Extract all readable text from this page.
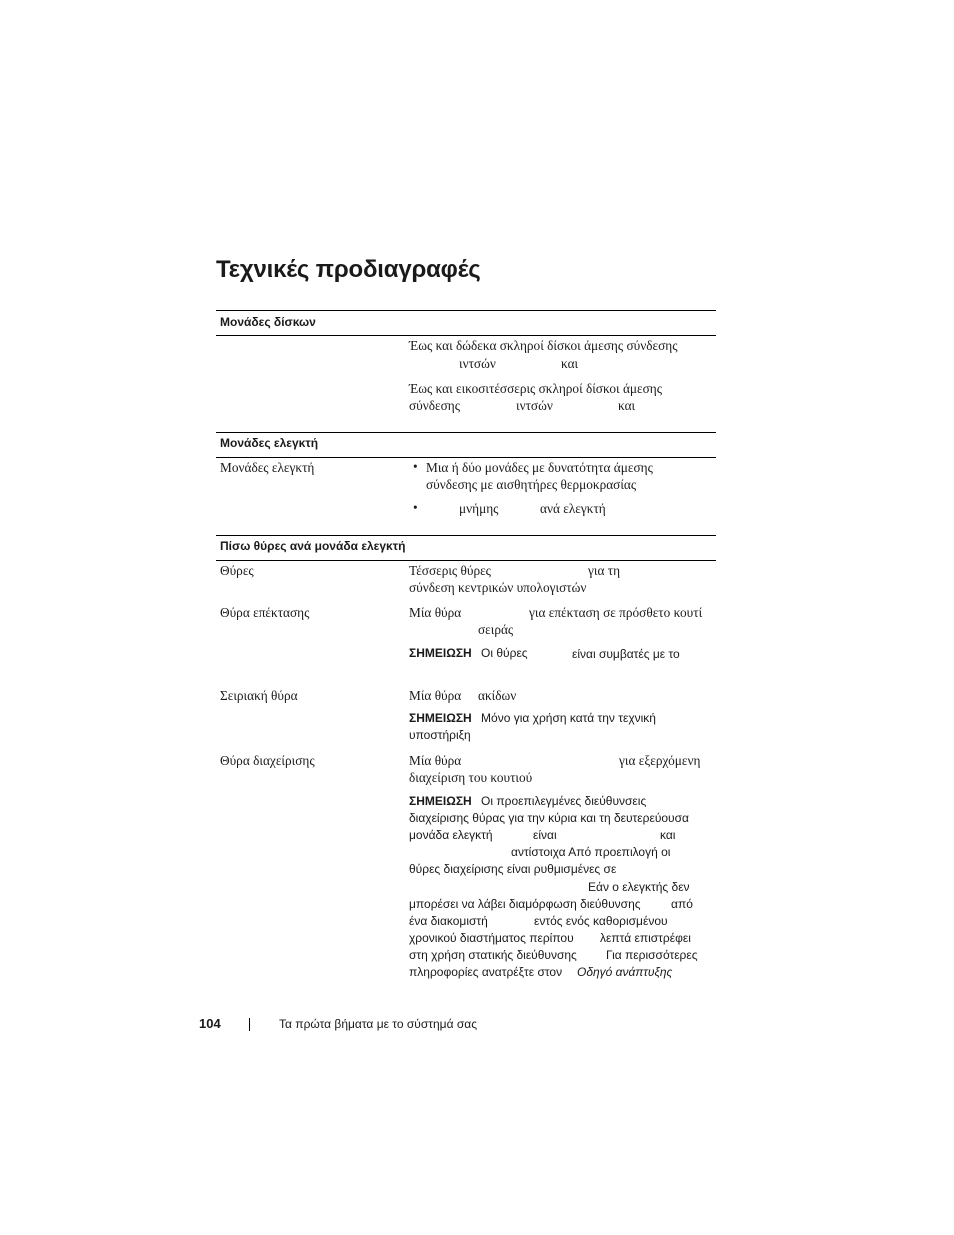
Τεχνικές προδιαγραφές
Μονάδες δίσκων
Έως και δώδεκα σκληροί δίσκοι άμεσης σύνδεσης
ιντσών	και
Έως και εικοσιτέσσερις σκληροί δίσκοι άμεσης
σύνδεσης	ιντσών	και
Μονάδες ελεγκτή
Μονάδες ελεγκτή	• Μια ή δύο μονάδες με δυνατότητα άμεσης
σύνδεσης με αισθητήρες θερμοκρασίας
•	μνήμης	ανά ελεγκτή
Πίσω θύρες ανά μονάδα ελεγκτή
Θύρες	Τέσσερις θύρες	για τη
σύνδεση κεντρικών υπολογιστών
Θύρα επέκτασης	Μία θύρα	για επέκταση σε πρόσθετο κουτί
σειράς
ΣΗΜΕΙΩΣΗ Οι θύρες	είναι συμβατές με το
Σειριακή θύρα	Μία θύρα ακίδων
ΣΗΜΕΙΩΣΗ Μόνο για χρήση κατά την τεχνική
υποστήριξη
Θύρα διαχείρισης	Μία θύρα	για εξερχόμενη
διαχείριση του κουτιού
ΣΗΜΕΙΩΣΗ Οι προεπιλεγμένες διεύθυνσεις
διαχείρισης θύρας για την κύρια και τη δευτερεύουσα
μονάδα ελεγκτή	είναι	και
αντίστοιχα Από προεπιλογή οι
θύρες διαχείρισης είναι ρυθμισμένες σε
Εάν ο ελεγκτής δεν
μπορέσει να λάβει διαμόρφωση διεύθυνσης	από
ένα διακομιστή	εντός ενός καθορισμένου
χρονικού διαστήματος περίπου λεπτά επιστρέφει
στη χρήση στατικής διεύθυνσης Για περισσότερες
πληροφορίες ανατρέξτε στον Οδηγό ανάπτυξης
104	Τα πρώτα βήματα με το σύστημά σας
